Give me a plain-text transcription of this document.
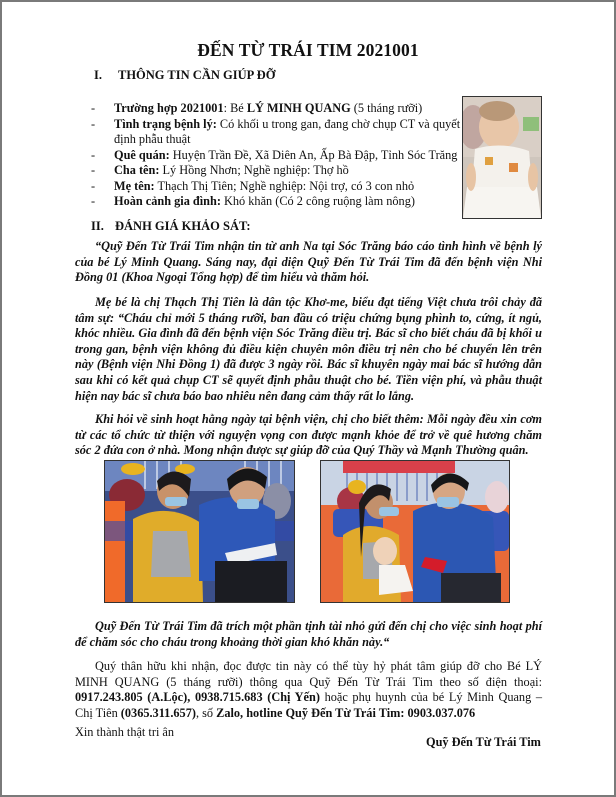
ĐẾN TỪ TRÁI TIM 2021001
I. THÔNG TIN CẦN GIÚP ĐỠ
- Trường hợp 2021001: Bé LÝ MINH QUANG (5 tháng rưỡi)
- Tình trạng bệnh lý: Có khối u trong gan, đang chờ chụp CT và quyết định phẫu thuật
- Quê quán: Huyện Trần Đề, Xã Diên An, Ấp Bà Đập, Tỉnh Sóc Trăng
- Cha tên: Lý Hồng Nhơn; Nghề nghiệp: Thợ hồ
- Mẹ tên: Thạch Thị Tiên; Nghề nghiệp: Nội trợ, có 3 con nhỏ
- Hoàn cảnh gia đình: Khó khăn (Có 2 công ruộng làm nông)
II. ĐÁNH GIÁ KHẢO SÁT:
“Quỹ Đến Từ Trái Tim nhận tin từ anh Na tại Sóc Trăng báo cáo tình hình về bệnh lý của bé Lý Minh Quang. Sáng nay, đại diện Quỹ Đến Từ Trái Tim đã đến bệnh viện Nhi Đồng 01 (Khoa Ngoại Tổng hợp) để tìm hiểu và thăm hỏi.
Mẹ bé là chị Thạch Thị Tiên là dân tộc Khơ-me, biểu đạt tiếng Việt chưa trôi chảy đã tâm sự: “Cháu chỉ mới 5 tháng rưỡi, ban đầu có triệu chứng bụng phình to, cứng, ít ngủ, khóc nhiều. Gia đình đã đến bệnh viện Sóc Trăng điều trị. Bác sĩ cho biết cháu đã bị khối u trong gan, bệnh viện không đủ điều kiện chuyên môn điều trị nên cho bé chuyển lên trên này (Bệnh viện Nhi Đồng 1) đã được 3 ngày rồi. Bác sĩ khuyên ngày mai bác sĩ hướng dẫn sau khi có kết quả chụp CT sẽ quyết định phẫu thuật cho bé. Tiền viện phí, và phẫu thuật hiện nay bác sĩ chưa báo bao nhiêu nên đang cảm thấy rất lo lắng.
Khi hỏi về sinh hoạt hằng ngày tại bệnh viện, chị cho biết thêm: Mỗi ngày đều xin cơm từ các tổ chức từ thiện với nguyện vọng con được mạnh khỏe để trở về quê hương chăm sóc 2 đứa con ở nhà. Mong nhận được sự giúp đỡ của Quý Thầy và Mạnh Thường quân.
Quỹ Đến Từ Trái Tim đã trích một phần tịnh tài nhỏ gửi đến chị cho việc sinh hoạt phí để chăm sóc cho cháu trong khoảng thời gian khó khăn này.“
Quý thân hữu khi nhận, đọc được tin này có thể tùy hỷ phát tâm giúp đỡ cho Bé LÝ MINH QUANG (5 tháng rưỡi) thông qua Quỹ Đến Từ Trái Tim theo số điện thoại: 0917.243.805 (A.Lộc), 0938.715.683 (Chị Yến) hoặc phụ huynh của bé Lý Minh Quang – Chị Tiên (0365.311.657), số Zalo, hotline Quỹ Đến Từ Trái Tim: 0903.037.076
Xin thành thật tri ân
Quỹ Đến Từ Trái Tim
